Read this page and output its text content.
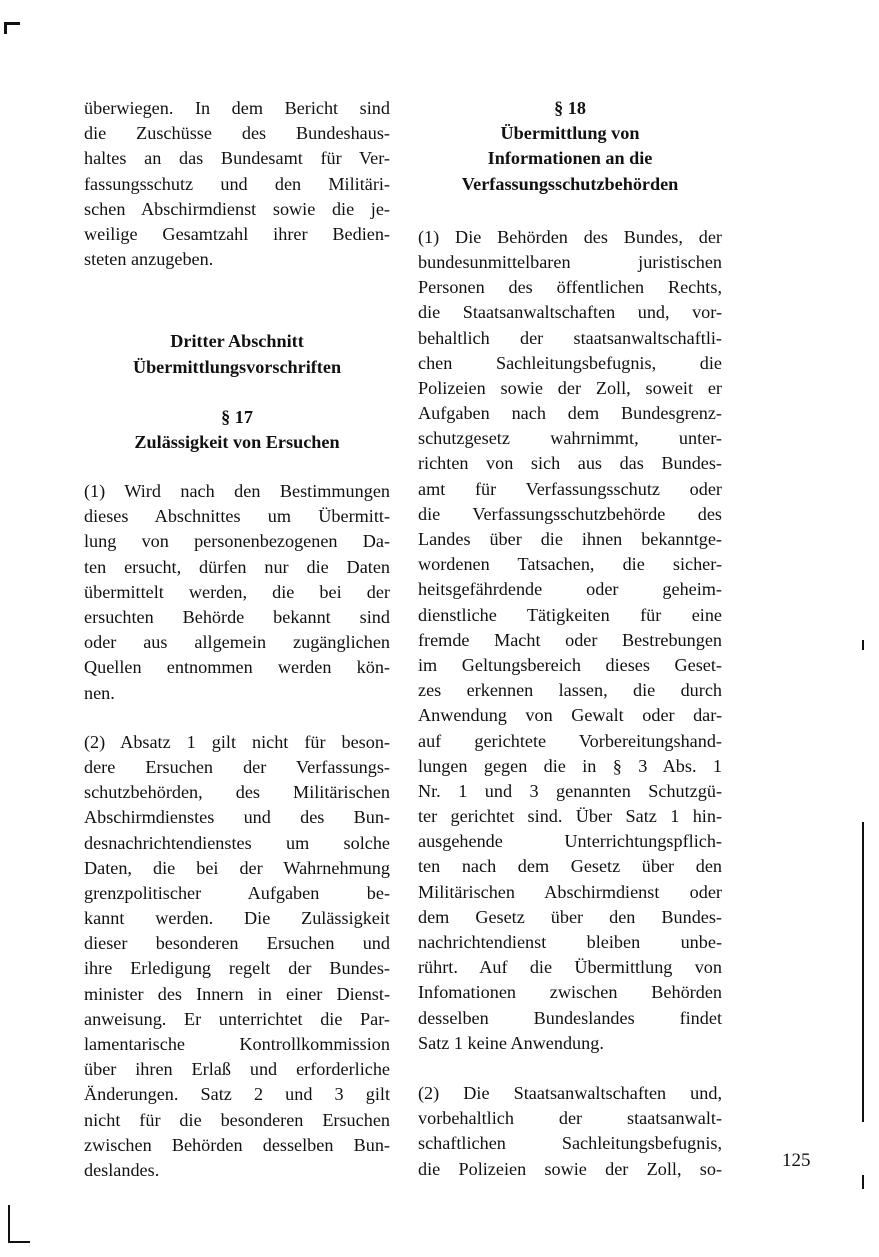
überwiegen. In dem Bericht sind
die Zuschüsse des Bundeshaus-
haltes an das Bundesamt für Ver-
fassungsschutz und den Militäri-
schen Abschirmdienst sowie die je-
weilige Gesamtzahl ihrer Bedien-
steten anzugeben.
Dritter Abschnitt
Übermittlungsvorschriften
§ 17
Zulässigkeit von Ersuchen
(1) Wird nach den Bestimmungen
dieses Abschnittes um Übermitt-
lung von personenbezogenen Da-
ten ersucht, dürfen nur die Daten
übermittelt werden, die bei der
ersuchten Behörde bekannt sind
oder aus allgemein zugänglichen
Quellen entnommen werden kön-
nen.
(2) Absatz 1 gilt nicht für beson-
dere Ersuchen der Verfassungs-
schutzbehörden, des Militärischen
Abschirmdienstes und des Bun-
desnachrichtendienstes um solche
Daten, die bei der Wahrnehmung
grenzpolitischer Aufgaben be-
kannt werden. Die Zulässigkeit
dieser besonderen Ersuchen und
ihre Erledigung regelt der Bundes-
minister des Innern in einer Dienst-
anweisung. Er unterrichtet die Par-
lamentarische Kontrollkommission
über ihren Erlaß und erforderliche
Änderungen. Satz 2 und 3 gilt
nicht für die besonderen Ersuchen
zwischen Behörden desselben Bun-
deslandes.
§ 18
Übermittlung von
Informationen an die
Verfassungsschutzbehörden
(1) Die Behörden des Bundes, der
bundesunmittelbaren juristischen
Personen des öffentlichen Rechts,
die Staatsanwaltschaften und, vor-
behaltlich der staatsanwaltschaftli-
chen Sachleitungsbefugnis, die
Polizeien sowie der Zoll, soweit er
Aufgaben nach dem Bundesgrenz-
schutzgesetz wahrnimmt, unter-
richten von sich aus das Bundes-
amt für Verfassungsschutz oder
die Verfassungsschutzbehörde des
Landes über die ihnen bekanntge-
wordenen Tatsachen, die sicher-
heitsgefährdende oder geheim-
dienstliche Tätigkeiten für eine
fremde Macht oder Bestrebungen
im Geltungsbereich dieses Geset-
zes erkennen lassen, die durch
Anwendung von Gewalt oder dar-
auf gerichtete Vorbereitungshand-
lungen gegen die in § 3 Abs. 1
Nr. 1 und 3 genannten Schutzgü-
ter gerichtet sind. Über Satz 1 hin-
ausgehende Unterrichtungspflich-
ten nach dem Gesetz über den
Militärischen Abschirmdienst oder
dem Gesetz über den Bundes-
nachrichtendienst bleiben unbe-
rührt. Auf die Übermittlung von
Infomationen zwischen Behörden
desselben Bundeslandes findet
Satz 1 keine Anwendung.
(2) Die Staatsanwaltschaften und,
vorbehaltlich der staatsanwalt-
schaftlichen Sachleitungsbefugnis,
die Polizeien sowie der Zoll, so-	125
